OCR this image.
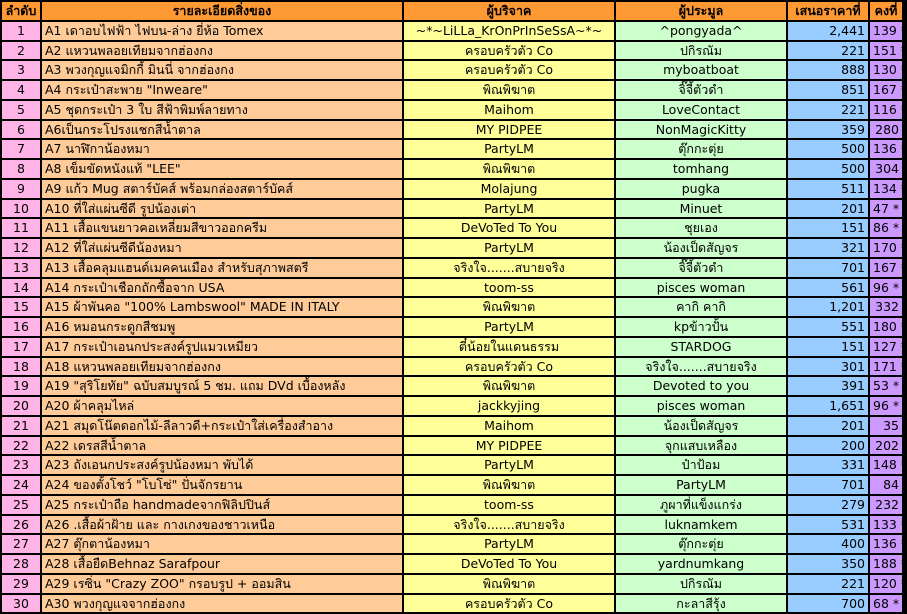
ลำดับ	รายละเอียดสิ่งของ	ผู้บริจาค	ผู้ประมูล	เสนอราคาที่	คงที่
1	A1 เดาอบไฟฟ้า ไฟบน-ล่าง ยี่ห้อ Tomex	~*~LiLLa_KrOnPrInSeSsA~*~	^pongyada^	2,441	139 *
2	A2 แหวนพลอยเทียมจากฮ่องกง	ครอบครัวตัว Co	ปกิรณัม	221	151 *
3	A3 พวงกุญแจมิกกี้ มินนี่ จากฮ่องกง	ครอบครัวตัว Co	myboatboat	888	130 *
4	A4 กระเป๋าสะพาย "Inweare"	พิณพิฆาต	จิ๊จี้ตัวดำ	851	167 *
5	A5 ชุดกระเป๋า 3 ใบ สีฟ้าพิมพ์ลายทาง	Maihom	LoveContact	221	116 *
6	A6เป็นกระโปรงแชกสีน้ำตาล	MY PIDPEE	NonMagicKitty	359	280
7	A7 นาฬิกาน้องหมา	PartyLM	ตุ๊กกะตุ่ย	500	136 *
8	A8 เข็มขัดหนังแท้ "LEE"	พิณพิฆาต	tomhang	500	304
9	A9 แก้ว Mug สตาร์บัคส์ พร้อมกล่องสตาร์บัคส์	Molajung	pugka	511	134 *
10	A10 ที่ใส่แผ่นซีดี รูปน้องเต่า	PartyLM	Minuet	201	47 *
11	A11 เสื้อแขนยาวคอเหลี่ยมสีขาวออกครีม	DeVoTed To You	ชุยเอง	151	86 *
12	A12 ที่ใส่แผ่นซีดีน้องหมา	PartyLM	น้องเป็ดสัญจร	321	170 *
13	A13 เสื้อคลุมแฮนด์เมคคนเมือง สำหรับสุภาพสตรี	จริงใจ.......สบายจริง	จิ๊จี้ตัวดำ	701	167 *
14	A14 กระเป๋าเชือกถักซื้อจาก USA	toom-ss	pisces woman	561	96 *
15	A15 ผ้าพันคอ "100% Lambswool" MADE IN ITALY	พิณพิฆาต	คากิ คากิ	1,201	332
16	A16 หมอนกระดูกสีชมพู	PartyLM	kpข้าวปั้น	551	180 *
17	A17 กระเป๋าเอนกประสงค์รูปแมวเหมียว	ตี๋น้อยในแดนธรรม	STARDOG	151	127 *
18	A18 แหวนพลอยเทียมจากฮ่องกง	ครอบครัวตัว Co	จริงใจ.......สบายจริง	301	171 *
19	A19 "สุริโยทัย" ฉบับสมบูรณ์ 5 ชม. แถม DVd เบื้องหลัง	พิณพิฆาต	Devoted to you	391	53 *
20	A20 ผ้าคลุมไหล่	jackkyjing	pisces woman	1,651	96 *
21	A21 สมุดโน๊ตดอกไม้-ลีลาวดี+กระเป๋าใส่เครื่องสำอาง	Maihom	น้องเป็ดสัญจร	201	35
22	A22 เดรสสีน้ำตาล	MY PIDPEE	จุกแสบเหลือง	200	202
23	A23 ถังเอนกประสงค์รูปน้องหมา พับได้	PartyLM	ป๋าป้อม	331	148 *
24	A24 ของตั้งโชว์ "โบโซ่" ปั่นจักรยาน	พิณพิฆาต	PartyLM	701	84
25	A25 กระเป๋าถือ handmadeจากฟิลิปปินส์	toom-ss	ภูผาที่แข็งแกร่ง	279	232
26	A26 .เสื้อผ้าฝ้าย และ กางเกงของชาวเหนือ	จริงใจ.......สบายจริง	luknamkem	531	133 *
27	A27 ตุ๊กตาน้องหมา	PartyLM	ตุ๊กกะตุ่ย	400	136 *
28	A28 เสื้อยืดBehnaz Sarafpour	DeVoTed To You	yardnumkang	350	188 *
29	A29 เรซิ่น "Crazy ZOO" กรอบรูป + ออมสิน	พิณพิฆาต	ปกิรณัม	221	120 *
30	A30 พวงกุญแจจากฮ่องกง	ครอบครัวตัว Co	กะลาสีรุ้ง	700	68 *
